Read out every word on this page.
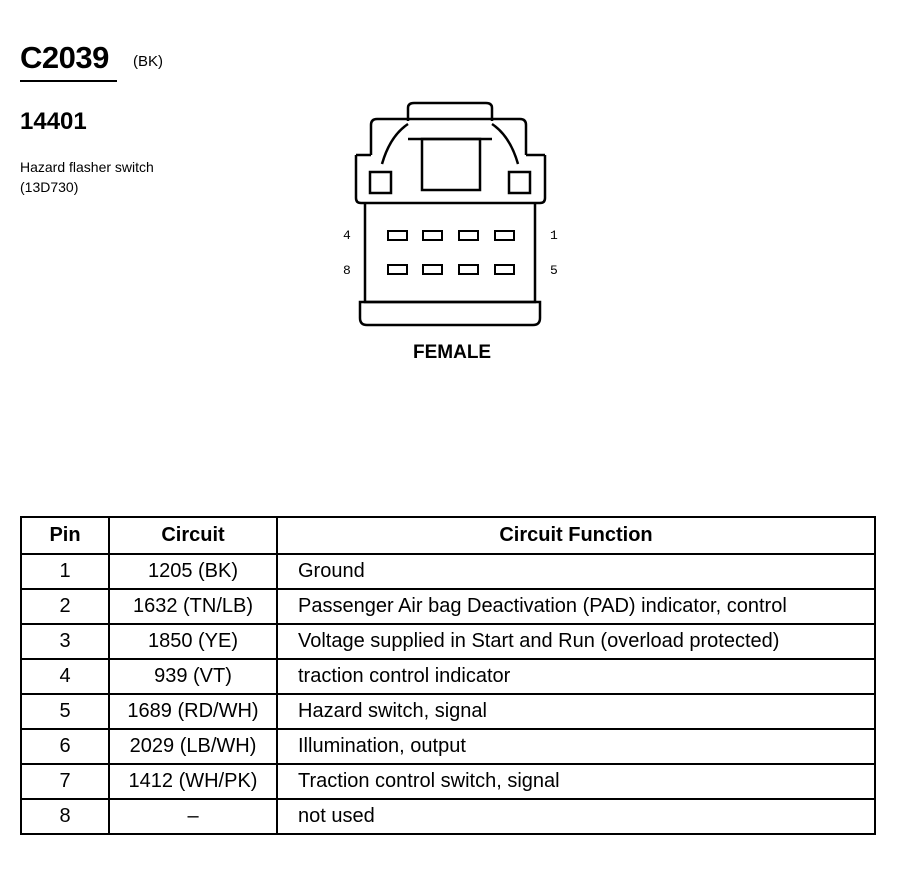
C2039 (BK)
14401
Hazard flasher switch (13D730)
4	1
8	5
FEMALE
Pin	Circuit	Circuit Function
1	1205 (BK)	Ground
2	1632 (TN/LB)	Passenger Air bag Deactivation (PAD) indicator, control
3	1850 (YE)	Voltage supplied in Start and Run (overload protected)
4	939 (VT)	traction control indicator
5	1689 (RD/WH)	Hazard switch, signal
6	2029 (LB/WH)	Illumination, output
7	1412 (WH/PK)	Traction control switch, signal
8	–	not used
